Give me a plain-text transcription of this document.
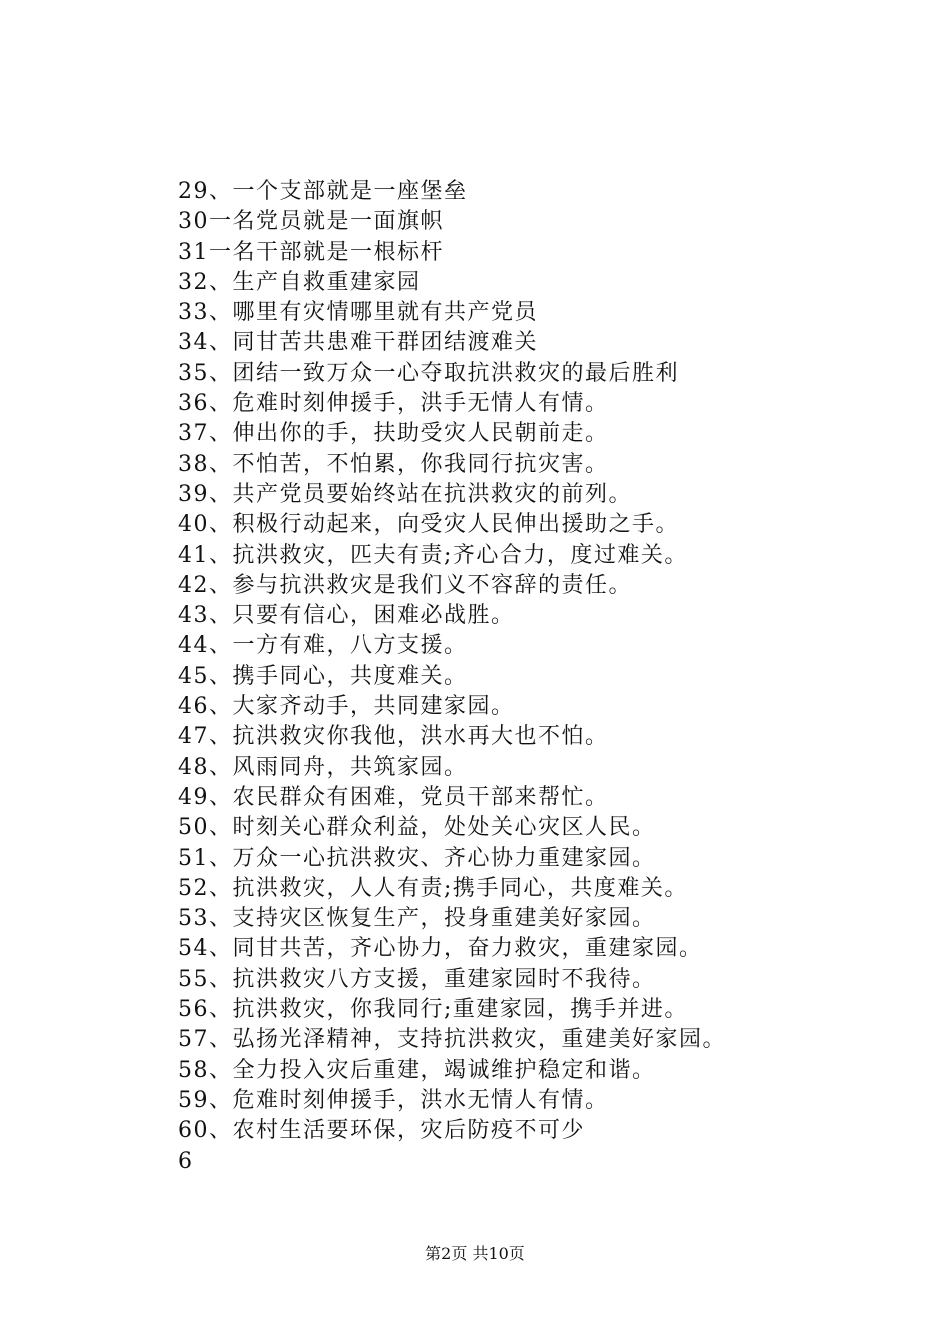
29、一个支部就是一座堡垒
30一名党员就是一面旗帜
31一名干部就是一根标杆
32、生产自救重建家园
33、哪里有灾情哪里就有共产党员
34、同甘苦共患难干群团结渡难关
35、团结一致万众一心夺取抗洪救灾的最后胜利
36、危难时刻伸援手，洪手无情人有情。
37、伸出你的手，扶助受灾人民朝前走。
38、不怕苦，不怕累，你我同行抗灾害。
39、共产党员要始终站在抗洪救灾的前列。
40、积极行动起来，向受灾人民伸出援助之手。
41、抗洪救灾，匹夫有责;齐心合力，度过难关。
42、参与抗洪救灾是我们义不容辞的责任。
43、只要有信心，困难必战胜。
44、一方有难，八方支援。
45、携手同心，共度难关。
46、大家齐动手，共同建家园。
47、抗洪救灾你我他，洪水再大也不怕。
48、风雨同舟，共筑家园。
49、农民群众有困难，党员干部来帮忙。
50、时刻关心群众利益，处处关心灾区人民。
51、万众一心抗洪救灾、齐心协力重建家园。
52、抗洪救灾，人人有责;携手同心，共度难关。
53、支持灾区恢复生产，投身重建美好家园。
54、同甘共苦，齐心协力，奋力救灾，重建家园。
55、抗洪救灾八方支援，重建家园时不我待。
56、抗洪救灾，你我同行;重建家园，携手并进。
57、弘扬光泽精神，支持抗洪救灾，重建美好家园。
58、全力投入灾后重建，竭诚维护稳定和谐。
59、危难时刻伸援手，洪水无情人有情。
60、农村生活要环保，灾后防疫不可少
6
第2页 共10页
